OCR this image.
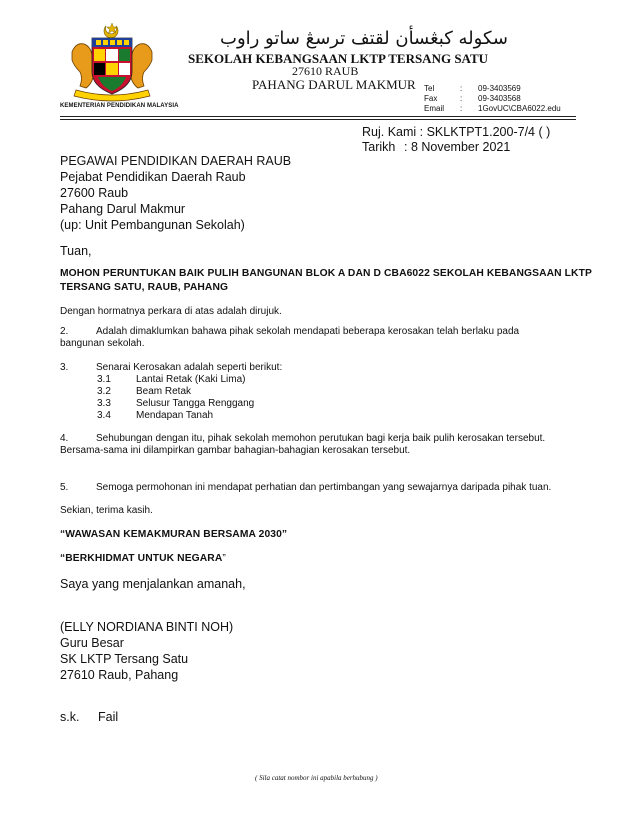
KEMENTERIAN PENDIDIKAN MALAYSIA
سكوله كبڠسأن لقتف ترسڠ ساتو راوب
SEKOLAH KEBANGSAAN LKTP TERSANG SATU
27610 RAUB
PAHANG DARUL MAKMUR Tel	: 09-3403569
Fax	: 09-3403568
Email : 1GovUC\CBA6022.edu
Ruj. Kami : SKLKTPT1.200-7/4 ( )
Tarikh : 8 November 2021
PEGAWAI PENDIDIKAN DAERAH RAUB
Pejabat Pendidikan Daerah Raub
27600 Raub
Pahang Darul Makmur
(up: Unit Pembangunan Sekolah)
Tuan,
MOHON PERUNTUKAN BAIK PULIH BANGUNAN BLOK A DAN D CBA6022 SEKOLAH KEBANGSAAN LKTP
TERSANG SATU, RAUB, PAHANG
Dengan hormatnya perkara di atas adalah dirujuk.
2.	Adalah dimaklumkan bahawa pihak sekolah mendapati beberapa kerosakan telah berlaku pada
bangunan sekolah.
3.	Senarai Kerosakan adalah seperti berikut:
3.1	Lantai Retak (Kaki Lima)
3.2	Beam Retak
3.3	Selusur Tangga Renggang
3.4	Mendapan Tanah
4.	Sehubungan dengan itu, pihak sekolah memohon perutukan bagi kerja baik pulih kerosakan tersebut.
Bersama-sama ini dilampirkan gambar bahagian-bahagian kerosakan tersebut.
5.	Semoga permohonan ini mendapat perhatian dan pertimbangan yang sewajarnya daripada pihak tuan.
Sekian, terima kasih.
“WAWASAN KEMAKMURAN BERSAMA 2030”
“BERKHIDMAT UNTUK NEGARA”
Saya yang menjalankan amanah,
(ELLY NORDIANA BINTI NOH)
Guru Besar
SK LKTP Tersang Satu
27610 Raub, Pahang
s.k. Fail
( Sila catat nombor ini apabila berhubung )
